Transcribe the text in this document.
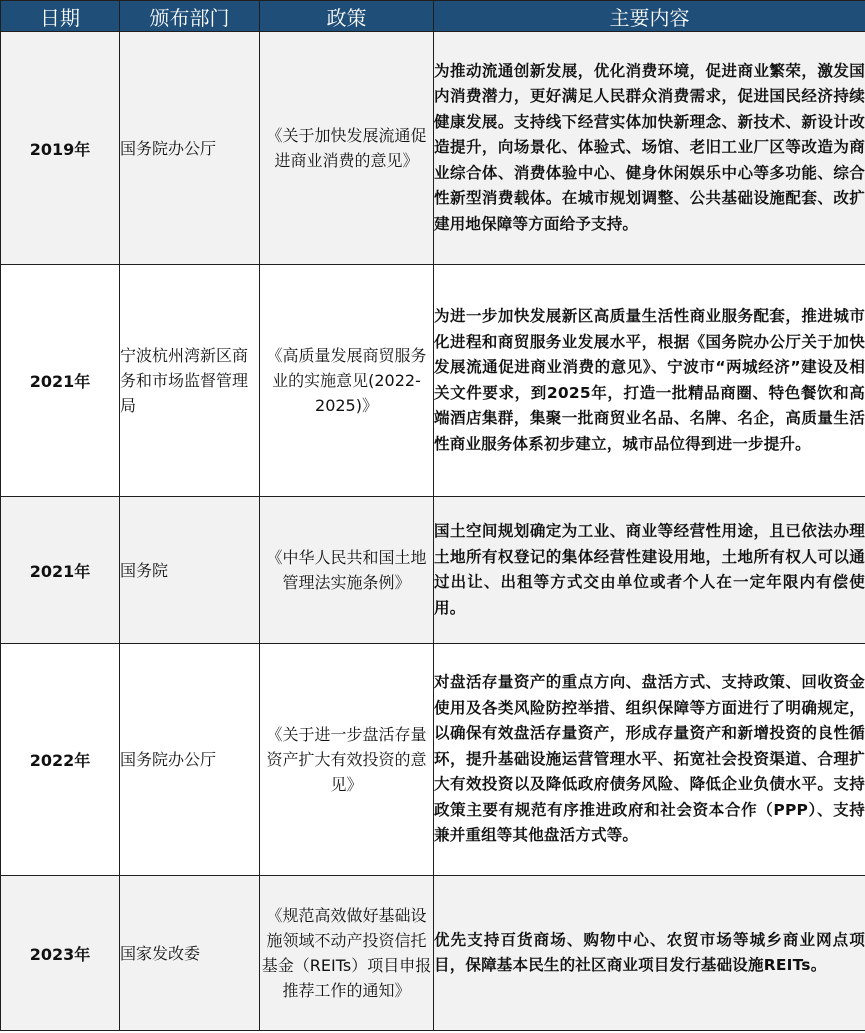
日期	颁布部门	政策	主要内容
2019年	国务院办公厅	《关于加快发展流通促进商业消费的意见》	为推动流通创新发展，优化消费环境，促进商业繁荣，激发国内消费潜力，更好满足人民群众消费需求，促进国民经济持续健康发展。支持线下经营实体加快新理念、新技术、新设计改造提升，向场景化、体验式、场馆、老旧工业厂区等改造为商业综合体、消费体验中心、健身休闲娱乐中心等多功能、综合性新型消费载体。在城市规划调整、公共基础设施配套、改扩建用地保障等方面给予支持。
2021年	宁波杭州湾新区商务和市场监督管理局	《高质量发展商贸服务业的实施意见(2022-2025)》	为进一步加快发展新区高质量生活性商业服务配套，推进城市化进程和商贸服务业发展水平，根据《国务院办公厅关于加快发展流通促进商业消费的意见》、宁波市“两城经济”建设及相关文件要求，到2025年，打造一批精品商圈、特色餐饮和高端酒店集群，集聚一批商贸业名品、名牌、名企，高质量生活性商业服务体系初步建立，城市品位得到进一步提升。
2021年	国务院	《中华人民共和国土地管理法实施条例》	国土空间规划确定为工业、商业等经营性用途，且已依法办理土地所有权登记的集体经营性建设用地，土地所有权人可以通过出让、出租等方式交由单位或者个人在一定年限内有偿使用。
2022年	国务院办公厅	《关于进一步盘活存量资产扩大有效投资的意见》	对盘活存量资产的重点方向、盘活方式、支持政策、回收资金使用及各类风险防控举措、组织保障等方面进行了明确规定，以确保有效盘活存量资产，形成存量资产和新增投资的良性循环，提升基础设施运营管理水平、拓宽社会投资渠道、合理扩大有效投资以及降低政府债务风险、降低企业负债水平。支持政策主要有规范有序推进政府和社会资本合作（PPP）、支持兼并重组等其他盘活方式等。
2023年	国家发改委	《规范高效做好基础设施领域不动产投资信托基金（REITs）项目申报推荐工作的通知》	优先支持百货商场、购物中心、农贸市场等城乡商业网点项目，保障基本民生的社区商业项目发行基础设施REITs。
